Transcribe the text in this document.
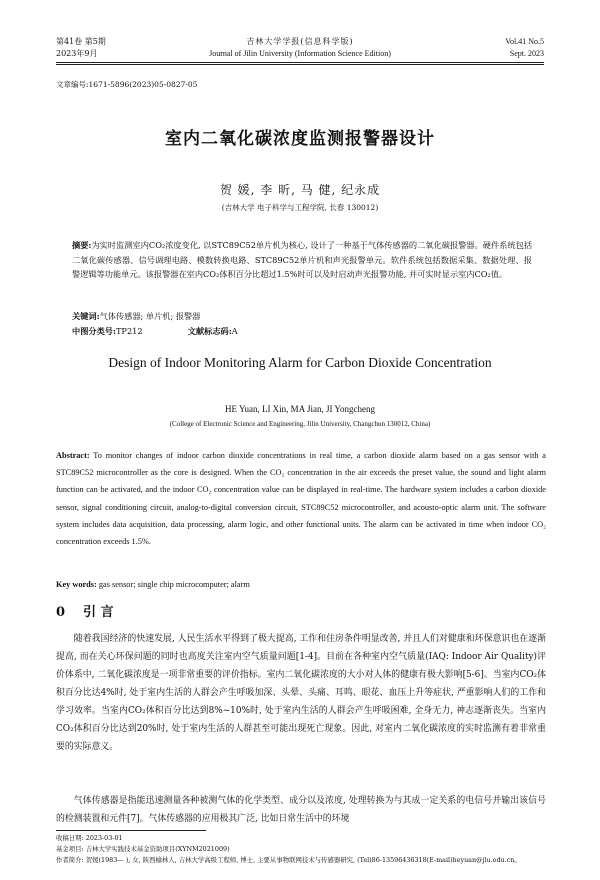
第41卷 第5期
2023年9月
吉林大学学报(信息科学版)
Journal of Jilin University (Information Science Edition)
Vol.41 No.5
Sept. 2023
文章编号:1671-5896(2023)05-0827-05
室内二氧化碳浓度监测报警器设计
贺 媛, 李 昕, 马 健, 纪永成
(吉林大学 电子科学与工程学院, 长春 130012)
摘要:为实时监测室内CO₂浓度变化, 以STC89C52单片机为核心, 设计了一种基于气体传感器的二氧化碳报警器。硬件系统包括二氧化碳传感器、信号调理电路、模数转换电路、STC89C52单片机和声光报警单元。软件系统包括数据采集、数据处理、报警逻辑等功能单元。该报警器在室内CO₂体积百分比超过1.5%时可以及时启动声光报警功能, 并可实时显示室内CO₂值。
关键词:气体传感器; 单片机; 报警器
中图分类号:TP212	文献标志码:A
Design of Indoor Monitoring Alarm for Carbon Dioxide Concentration
HE Yuan, LI Xin, MA Jian, JI Yongcheng
(College of Electronic Science and Engineering, Jilin University, Changchun 130012, China)
Abstract: To monitor changes of indoor carbon dioxide concentrations in real time, a carbon dioxide alarm based on a gas sensor with a STC89C52 microcontroller as the core is designed. When the CO₂ concentration in the air exceeds the preset value, the sound and light alarm function can be activated, and the indoor CO₂ concentration value can be displayed in real-time. The hardware system includes a carbon dioxide sensor, signal conditioning circuit, analog-to-digital conversion circuit, STC89C52 microcontroller, and acousto-optic alarm unit. The software system includes data acquisition, data processing, alarm logic, and other functional units. The alarm can be activated in time when indoor CO₂ concentration exceeds 1.5%.
Key words: gas sensor; single chip microcomputer; alarm
0 引 言
随着我国经济的快速发展, 人民生活水平得到了极大提高, 工作和住房条件明显改善, 并且人们对健康和环保意识也在逐渐提高, 而在关心环保问题的同时也高度关注室内空气质量问题[1-4]。目前在各种室内空气质量(IAQ: Indoor Air Quality)评价体系中, 二氧化碳浓度是一项非常重要的评价指标。室内二氧化碳浓度的大小对人体的健康有极大影响[5-6]。当室内CO₂体积百分比达4%时, 处于室内生活的人群会产生呼吸加深、头晕、头痛、耳鸣、眼花、血压上升等症状, 严重影响人们的工作和学习效率。当室内CO₂体积百分比达到8%~10%时, 处于室内生活的人群会产生呼吸困难, 全身无力, 神志逐渐丧失。当室内CO₂体积百分比达到20%时, 处于室内生活的人群甚至可能出现死亡现象。因此, 对室内二氧化碳浓度的实时监测有着非常重要的实际意义。
气体传感器是指能迅速测量各种被测气体的化学类型、成分以及浓度, 处理转换为与其成一定关系的电信号并输出该信号的检测装置和元件[7]。气体传感器的应用极其广泛, 比如日常生活中的环境
收稿日期: 2023-03-01
基金项目: 吉林大学实践技术基金资助项目(XYNM2021009)
作者简介: 贺媛(1983— ), 女, 陕西榆林人, 吉林大学高级工程师, 博士, 主要从事物联网技术与传感器研究, (Tel)86-13596436318(E-mail)heyuan@jlu.edu.cn。
